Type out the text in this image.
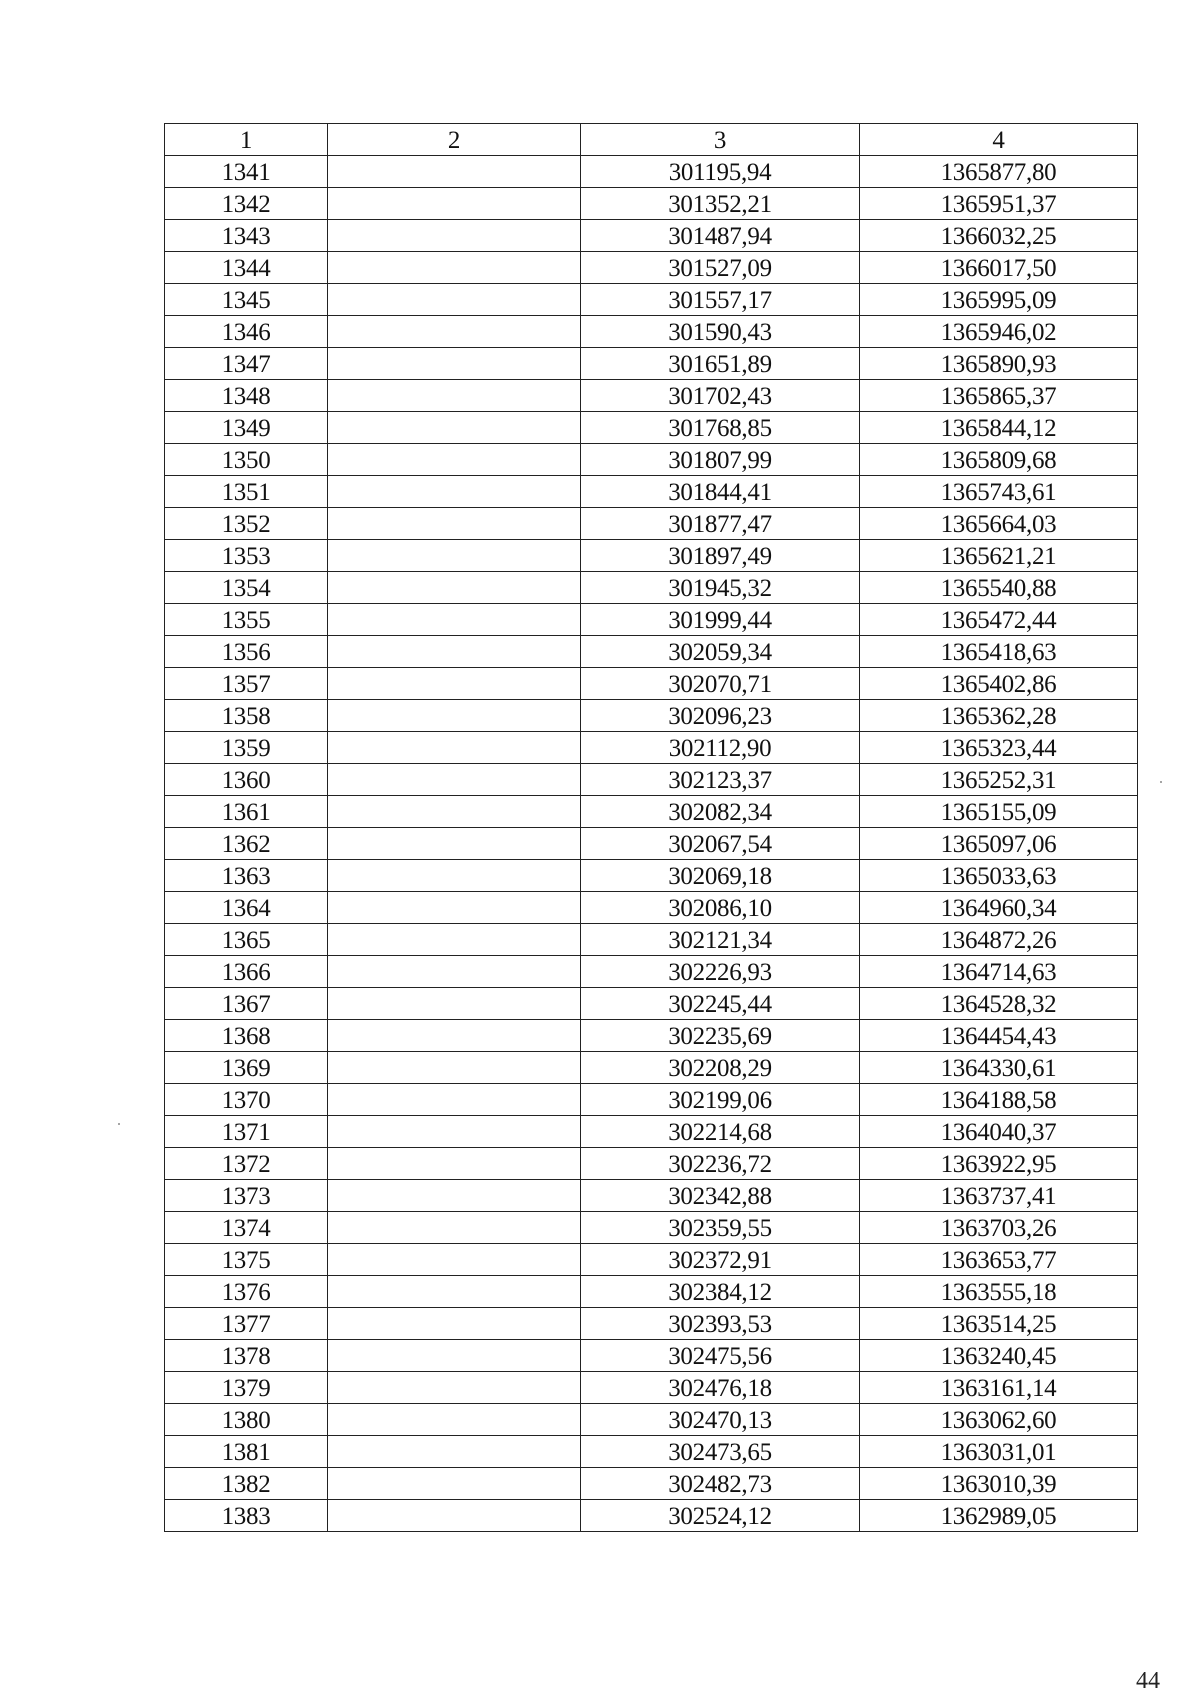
1	2	3	4
1341		301195,94	1365877,80
1342		301352,21	1365951,37
1343		301487,94	1366032,25
1344		301527,09	1366017,50
1345		301557,17	1365995,09
1346		301590,43	1365946,02
1347		301651,89	1365890,93
1348		301702,43	1365865,37
1349		301768,85	1365844,12
1350		301807,99	1365809,68
1351		301844,41	1365743,61
1352		301877,47	1365664,03
1353		301897,49	1365621,21
1354		301945,32	1365540,88
1355		301999,44	1365472,44
1356		302059,34	1365418,63
1357		302070,71	1365402,86
1358		302096,23	1365362,28
1359		302112,90	1365323,44
1360		302123,37	1365252,31
1361		302082,34	1365155,09
1362		302067,54	1365097,06
1363		302069,18	1365033,63
1364		302086,10	1364960,34
1365		302121,34	1364872,26
1366		302226,93	1364714,63
1367		302245,44	1364528,32
1368		302235,69	1364454,43
1369		302208,29	1364330,61
1370		302199,06	1364188,58
1371		302214,68	1364040,37
1372		302236,72	1363922,95
1373		302342,88	1363737,41
1374		302359,55	1363703,26
1375		302372,91	1363653,77
1376		302384,12	1363555,18
1377		302393,53	1363514,25
1378		302475,56	1363240,45
1379		302476,18	1363161,14
1380		302470,13	1363062,60
1381		302473,65	1363031,01
1382		302482,73	1363010,39
1383		302524,12	1362989,05
44
